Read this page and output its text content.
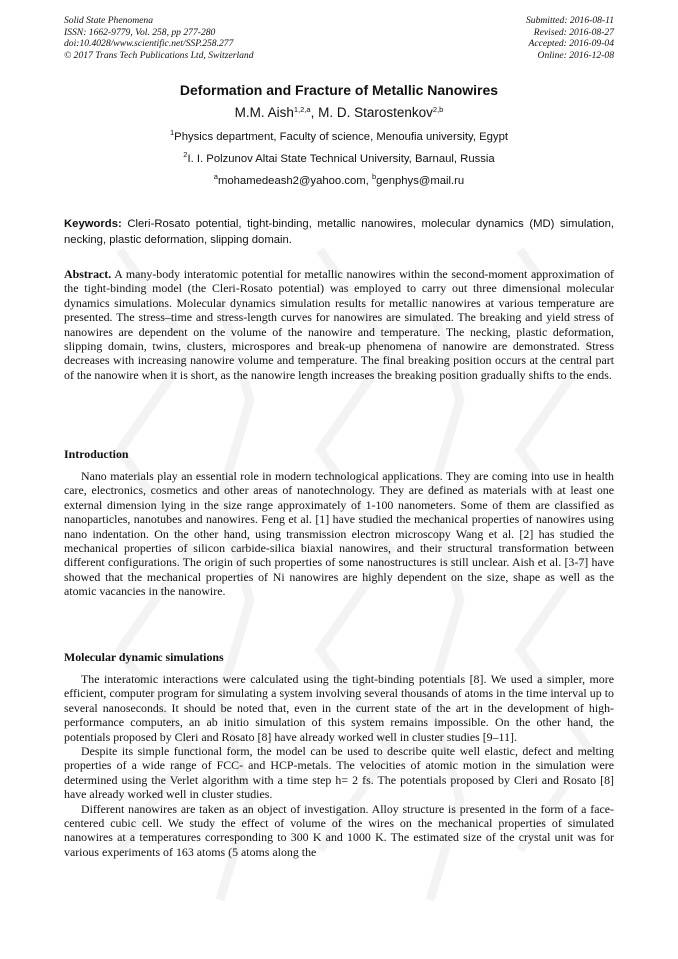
Solid State Phenomena
ISSN: 1662-9779, Vol. 258, pp 277-280
doi:10.4028/www.scientific.net/SSP.258.277
© 2017 Trans Tech Publications Ltd, Switzerland
Submitted: 2016-08-11
Revised: 2016-08-27
Accepted: 2016-09-04
Online: 2016-12-08
Deformation and Fracture of Metallic Nanowires
M.M. Aish$^{1,2,a}$, M. D. Starostenkov$^{2,b}$
$^1$Physics department, Faculty of science, Menoufia university, Egypt
$^2$I. I. Polzunov Altai State Technical University, Barnaul, Russia
$^a$mohamedeash2@yahoo.com, $^b$genphys@mail.ru
Keywords: Cleri-Rosato potential, tight-binding, metallic nanowires, molecular dynamics (MD) simulation, necking, plastic deformation, slipping domain.
Abstract. A many-body interatomic potential for metallic nanowires within the second-moment approximation of the tight-binding model (the Cleri-Rosato potential) was employed to carry out three dimensional molecular dynamics simulations. Molecular dynamics simulation results for metallic nanowires at various temperature are presented. The stress–time and stress-length curves for nanowires are simulated. The breaking and yield stress of nanowires are dependent on the volume of the nanowire and temperature. The necking, plastic deformation, slipping domain, twins, clusters, microspores and break-up phenomena of nanowire are demonstrated. Stress decreases with increasing nanowire volume and temperature. The final breaking position occurs at the central part of the nanowire when it is short, as the nanowire length increases the breaking position gradually shifts to the ends.
Introduction

Nano materials play an essential role in modern technological applications. They are coming into use in health care, electronics, cosmetics and other areas of nanotechnology. They are defined as materials with at least one external dimension lying in the size range approximately of 1-100 nanometers. Some of them are classified as nanoparticles, nanotubes and nanowires. Feng et al. [1] have studied the mechanical properties of nanowires using nano indentation. On the other hand, using transmission electron microscopy Wang et al. [2] has studied the mechanical properties of silicon carbide-silica biaxial nanowires, and their structural transformation between different configurations. The origin of such properties of some nanostructures is still unclear. Aish et al. [3-7] have showed that the mechanical properties of Ni nanowires are highly dependent on the size, shape as well as the atomic vacancies in the nanowire.

Molecular dynamic simulations

The interatomic interactions were calculated using the tight-binding potentials [8]. We used a simpler, more efficient, computer program for simulating a system involving several thousands of atoms in the time interval up to several nanoseconds. It should be noted that, even in the current state of the art in the development of high-performance computers, an ab initio simulation of this system remains impossible. On the other hand, the potentials proposed by Cleri and Rosato [8] have already worked well in cluster studies [9–11].

Despite its simple functional form, the model can be used to describe quite well elastic, defect and melting properties of a wide range of FCC- and HCP-metals. The velocities of atomic motion in the simulation were determined using the Verlet algorithm with a time step h= 2 fs. The potentials proposed by Cleri and Rosato [8] have already worked well in cluster studies.

Different nanowires are taken as an object of investigation. Alloy structure is presented in the form of a face-centered cubic cell. We study the effect of volume of the wires on the mechanical properties of simulated nanowires at a temperatures corresponding to 300 K and 1000 K. The estimated size of the crystal unit was for various experiments of 163 atoms (5 atoms along the
